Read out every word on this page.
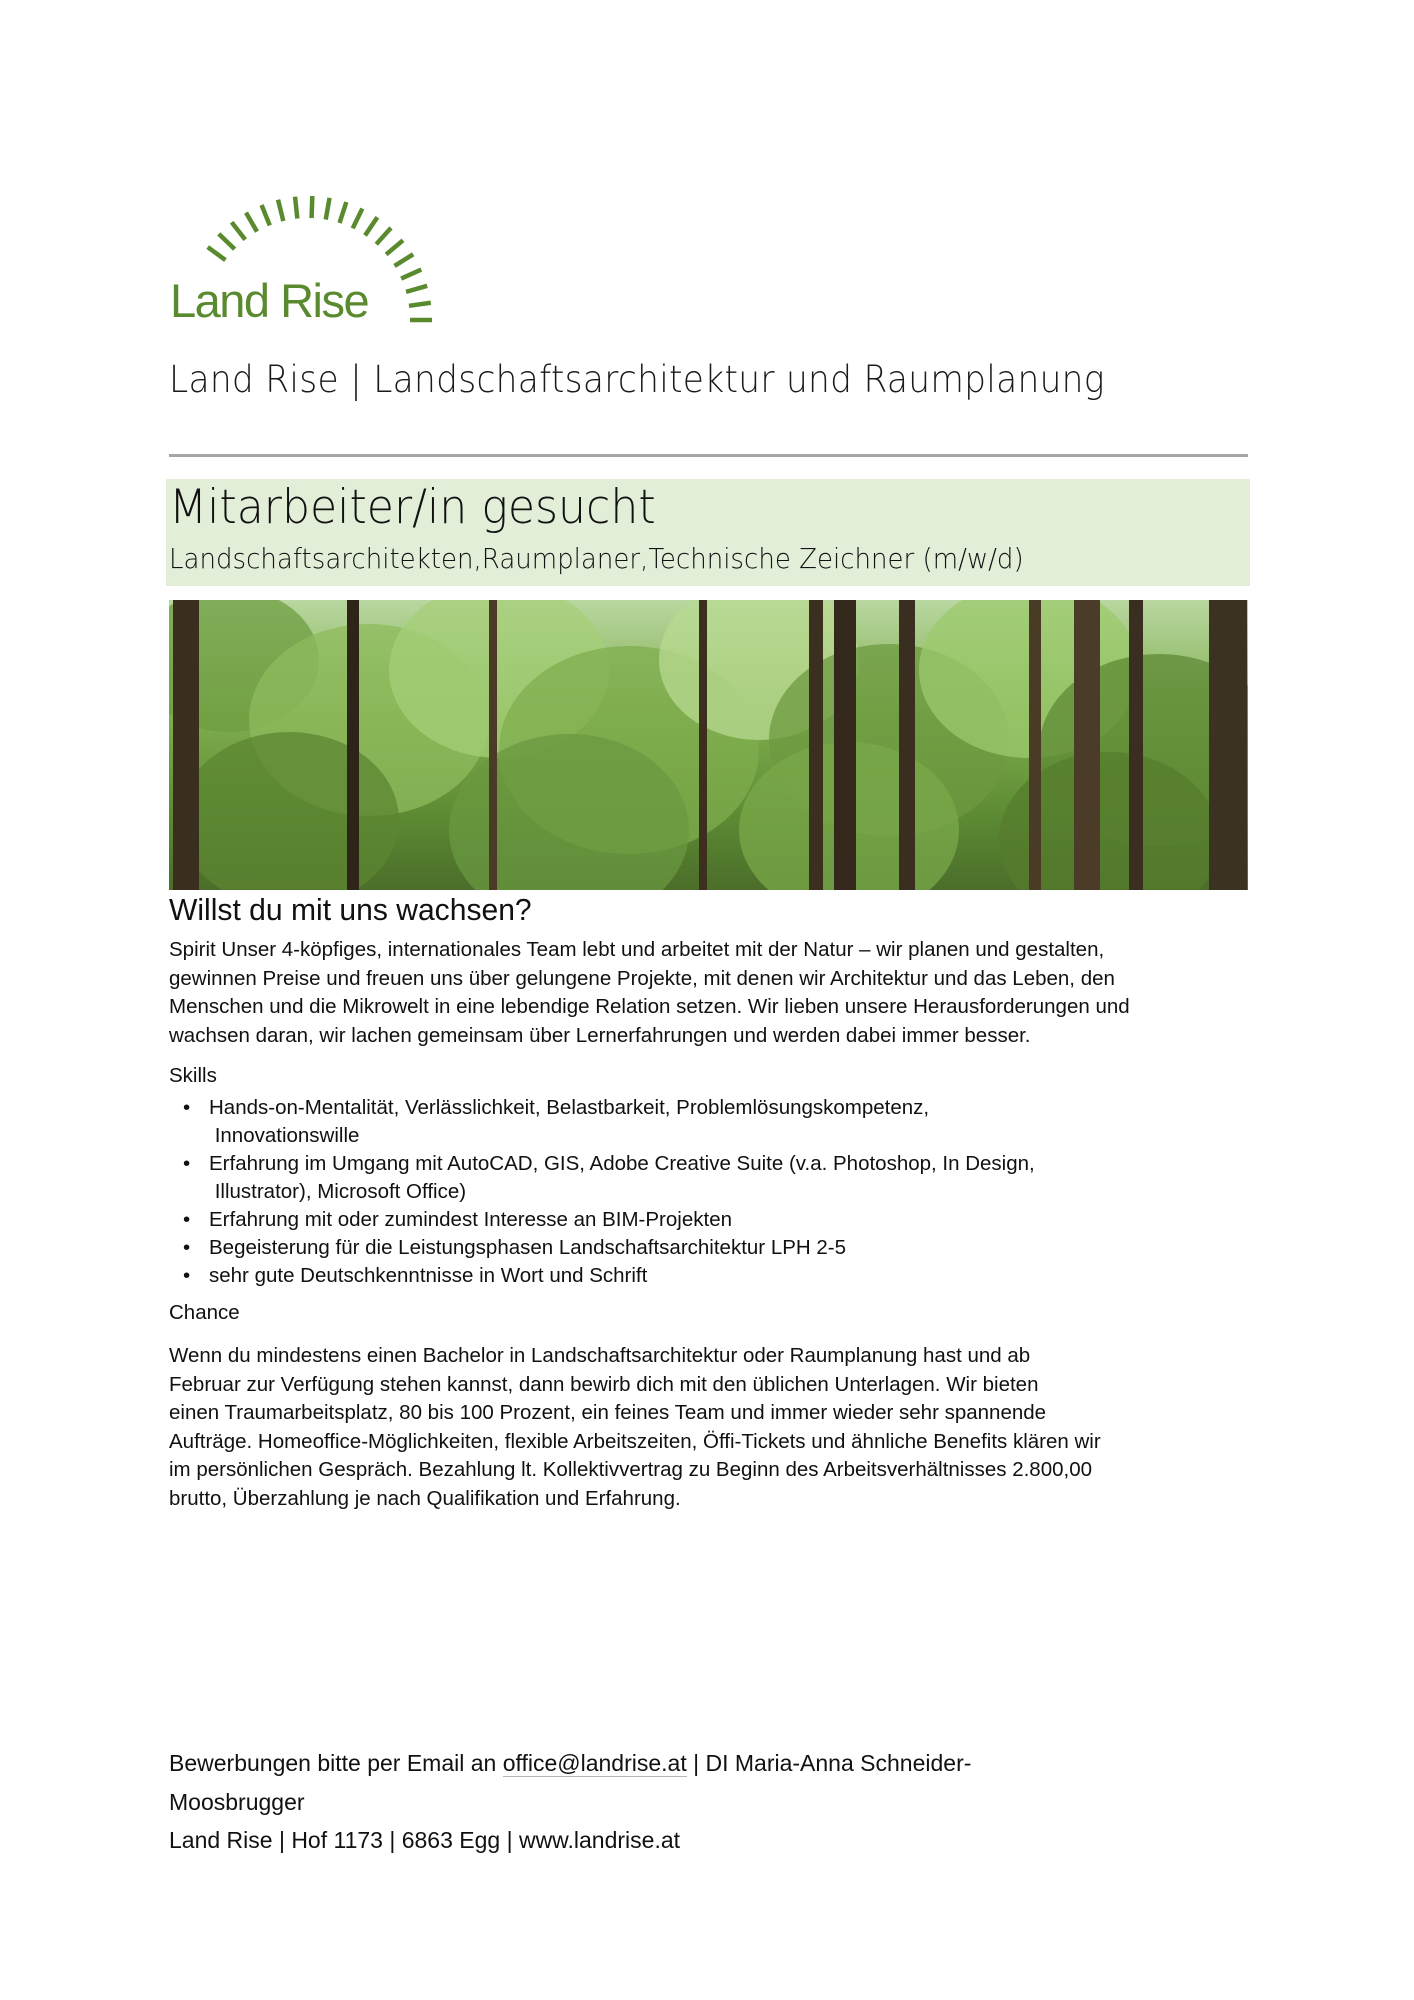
Land Rise
Land Rise | Landschaftsarchitektur und Raumplanung
Mitarbeiter/in gesucht
Landschaftsarchitekten,Raumplaner,Technische Zeichner (m/w/d)
Willst du mit uns wachsen?
Spirit Unser 4-köpfiges, internationales Team lebt und arbeitet mit der Natur – wir planen und gestalten,
gewinnen Preise und freuen uns über gelungene Projekte, mit denen wir Architektur und das Leben, den
Menschen und die Mikrowelt in eine lebendige Relation setzen. Wir lieben unsere Herausforderungen und
wachsen daran, wir lachen gemeinsam über Lernerfahrungen und werden dabei immer besser.
Skills
• Hands-on-Mentalität, Verlässlichkeit, Belastbarkeit, Problemlösungskompetenz,
Innovationswille
• Erfahrung im Umgang mit AutoCAD, GIS, Adobe Creative Suite (v.a. Photoshop, In Design,
Illustrator), Microsoft Office)
• Erfahrung mit oder zumindest Interesse an BIM-Projekten
• Begeisterung für die Leistungsphasen Landschaftsarchitektur LPH 2-5
• sehr gute Deutschkenntnisse in Wort und Schrift
Chance
Wenn du mindestens einen Bachelor in Landschaftsarchitektur oder Raumplanung hast und ab
Februar zur Verfügung stehen kannst, dann bewirb dich mit den üblichen Unterlagen. Wir bieten
einen Traumarbeitsplatz, 80 bis 100 Prozent, ein feines Team und immer wieder sehr spannende
Aufträge. Homeoffice-Möglichkeiten, flexible Arbeitszeiten, Öffi-Tickets und ähnliche Benefits klären wir
im persönlichen Gespräch. Bezahlung lt. Kollektivvertrag zu Beginn des Arbeitsverhältnisses 2.800,00
brutto, Überzahlung je nach Qualifikation und Erfahrung.
Bewerbungen bitte per Email an office@landrise.at | DI Maria-Anna Schneider-
Moosbrugger
Land Rise | Hof 1173 | 6863 Egg | www.landrise.at
